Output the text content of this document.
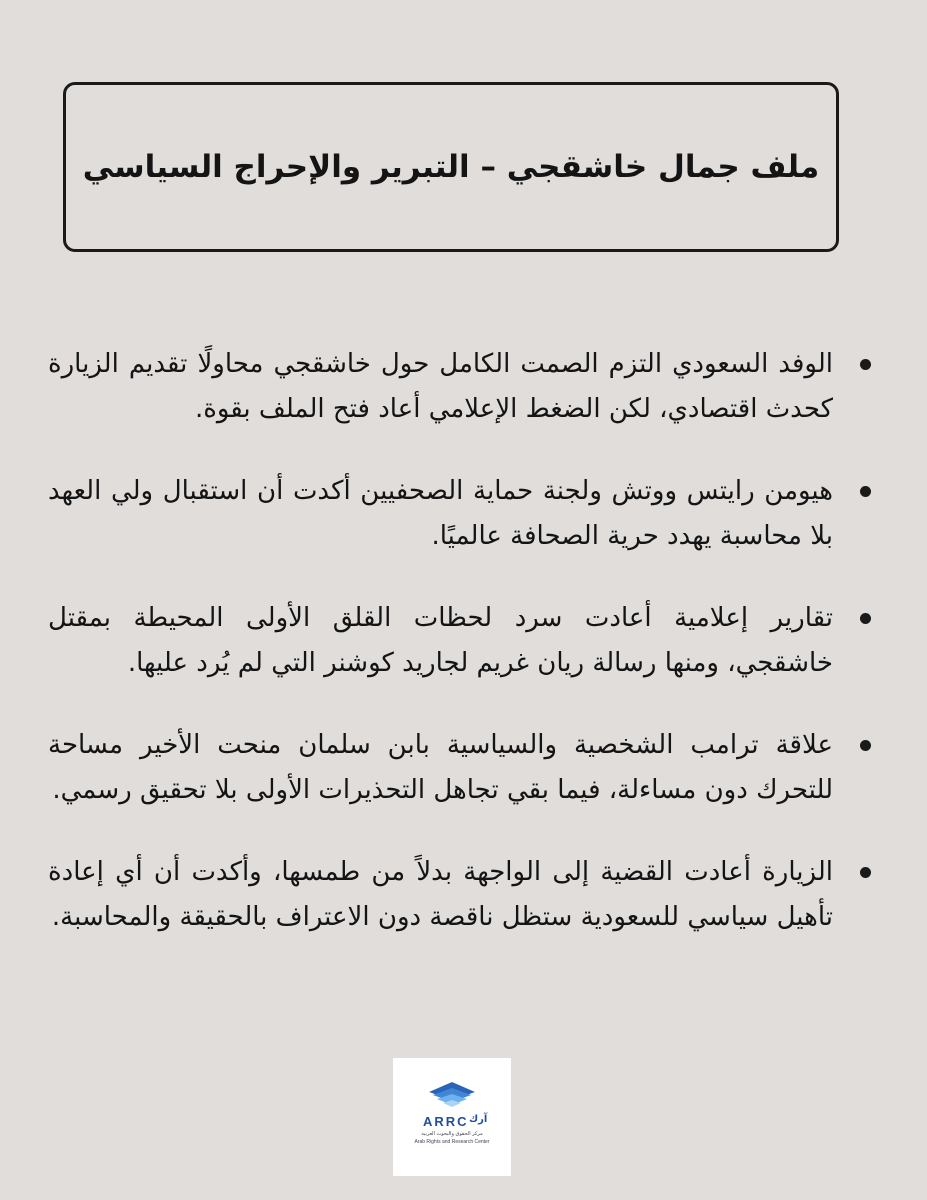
ملف جمال خاشقجي – التبرير والإحراج السياسي
الوفد السعودي التزم الصمت الكامل حول خاشقجي محاولًا تقديم الزيارة كحدث اقتصادي، لكن الضغط الإعلامي أعاد فتح الملف بقوة.
هيومن رايتس ووتش ولجنة حماية الصحفيين أكدت أن استقبال ولي العهد بلا محاسبة يهدد حرية الصحافة عالميًا.
تقارير إعلامية أعادت سرد لحظات القلق الأولى المحيطة بمقتل خاشقجي، ومنها رسالة ريان غريم لجاريد كوشنر التي لم يُرد عليها.
علاقة ترامب الشخصية والسياسية بابن سلمان منحت الأخير مساحة للتحرك دون مساءلة، فيما بقي تجاهل التحذيرات الأولى بلا تحقيق رسمي.
الزيارة أعادت القضية إلى الواجهة بدلاً من طمسها، وأكدت أن أي إعادة تأهيل سياسي للسعودية ستظل ناقصة دون الاعتراف بالحقيقة والمحاسبة.
ARRC آرك
مركز الحقوق والبحوث العربية
Arab Rights and Research Center
